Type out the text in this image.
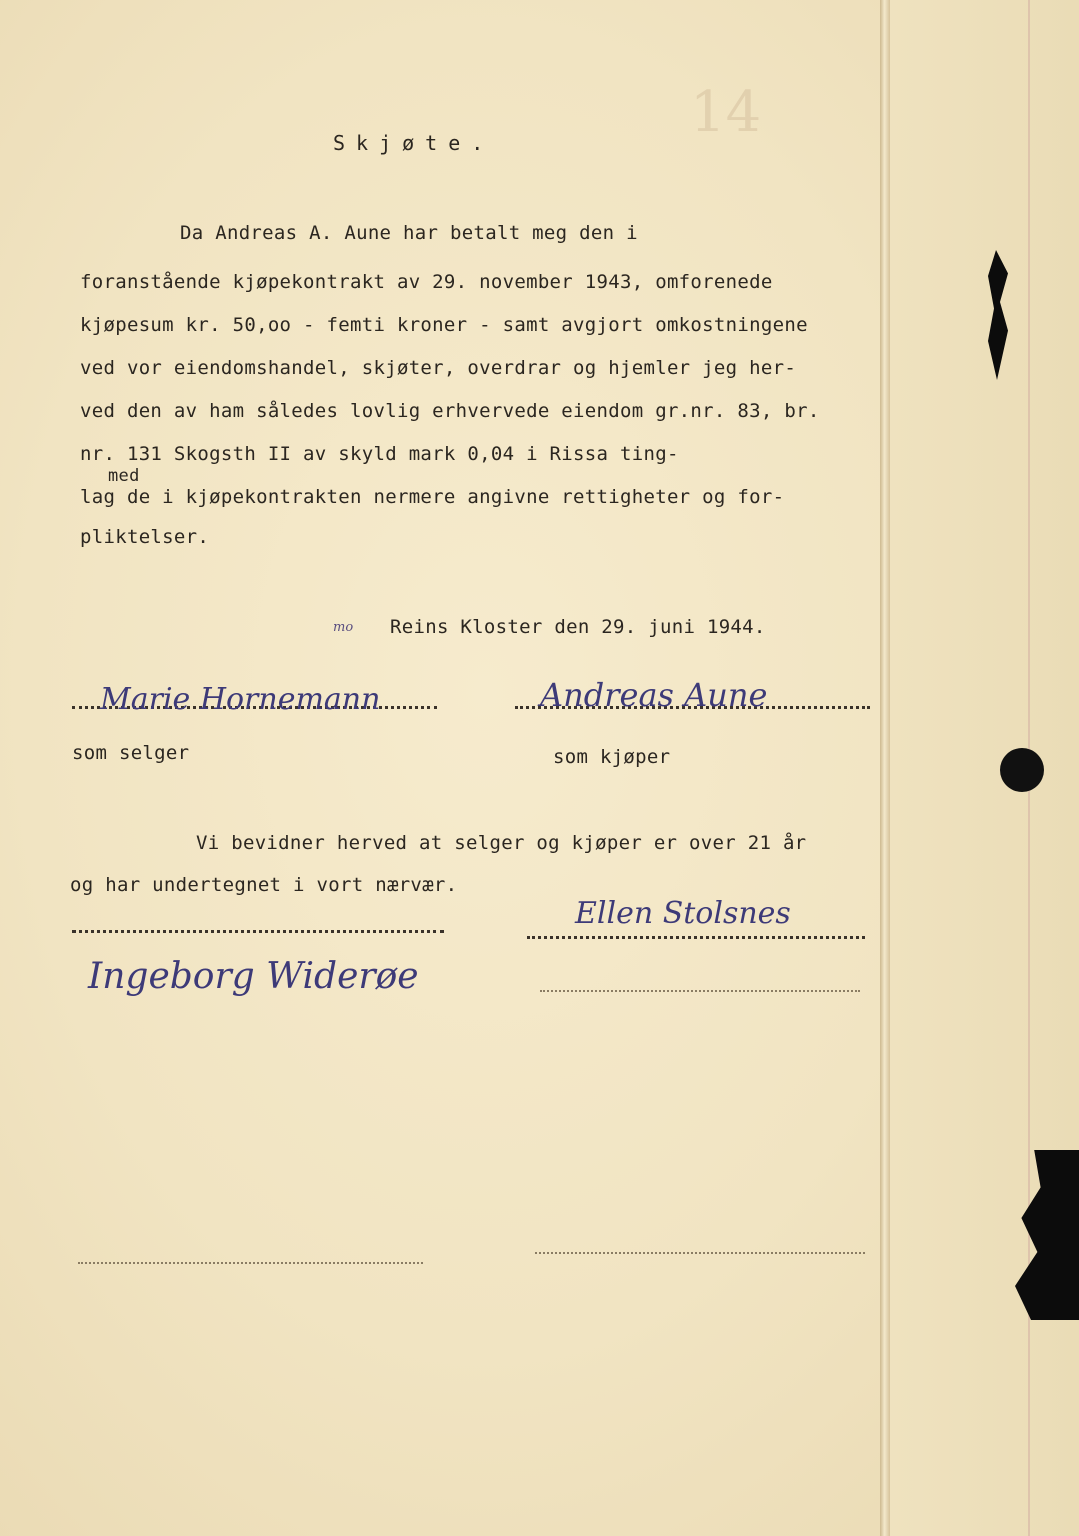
14
Skjøte.
Da Andreas A. Aune har betalt meg den i
foranstående kjøpekontrakt av 29. november 1943, omforenede
kjøpesum kr. 50,oo - femti kroner - samt avgjort omkostningene
ved vor eiendomshandel, skjøter, overdrar og hjemler jeg her-
ved den av ham således lovlig erhvervede eiendom gr.nr. 83, br.
nr. 131 Skogsth II av skyld mark 0,04 i Rissa ting-
med
lag de i kjøpekontrakten nermere angivne rettigheter og for-
pliktelser.
mo Reins Kloster den 29. juni 1944.
Marie Hornemann	Andreas Aune
som selger	som kjøper
Vi bevidner herved at selger og kjøper er over 21 år
og har undertegnet i vort nærvær.
Ellen Stolsnes
Ingeborg Widerøe
